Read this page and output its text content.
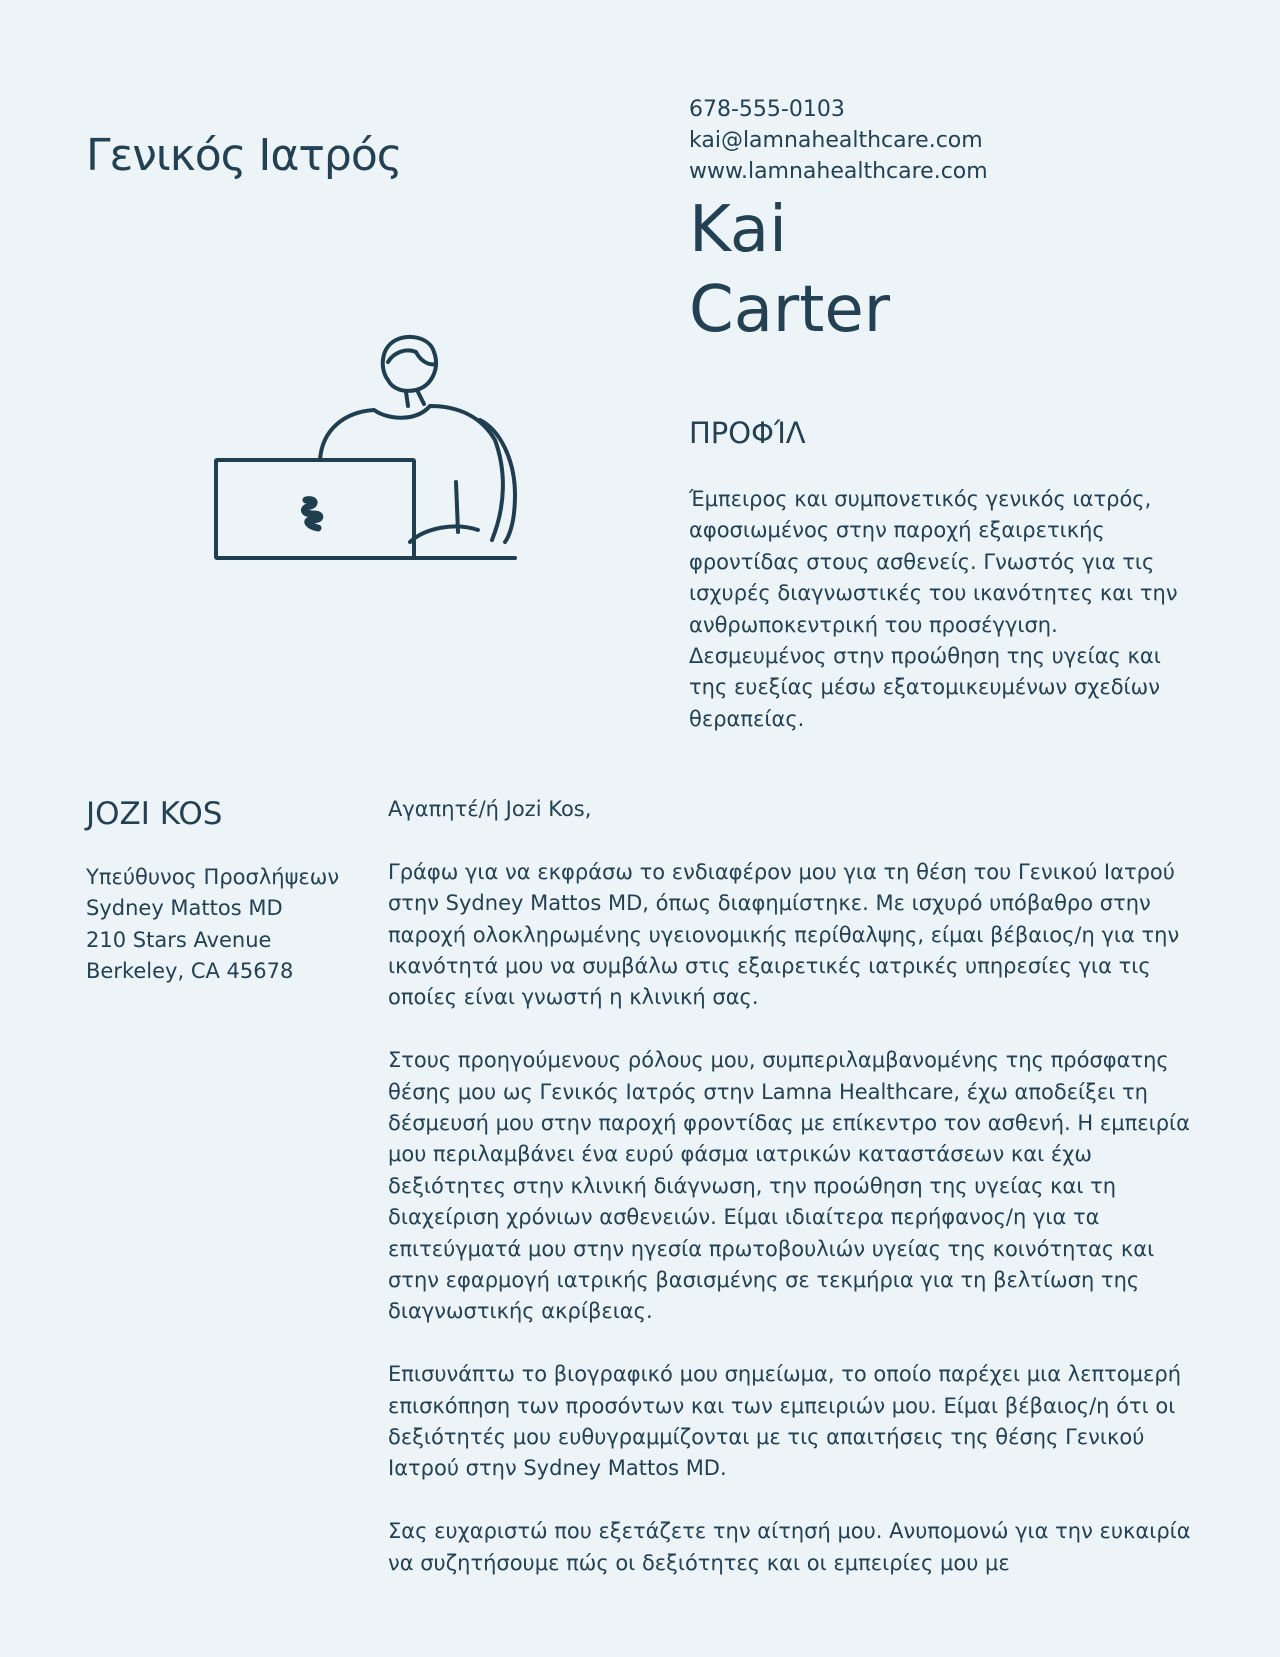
Γενικός Ιατρός
678-555-0103
kai@lamnahealthcare.com
www.lamnahealthcare.com
Kai
Carter
ΠΡΟΦΊΛ

Έμπειρος και συμπονετικός γενικός ιατρός, αφοσιωμένος στην παροχή εξαιρετικής φροντίδας στους ασθενείς. Γνωστός για τις ισχυρές διαγνωστικές του ικανότητες και την ανθρωποκεντρική του προσέγγιση. Δεσμευμένος στην προώθηση της υγείας και της ευεξίας μέσω εξατομικευμένων σχεδίων θεραπείας.

JOZI KOS
Υπεύθυνος Προσλήψεων
Sydney Mattos MD
210 Stars Avenue
Berkeley, CA 45678

Αγαπητέ/ή Jozi Kos,

Γράφω για να εκφράσω το ενδιαφέρον μου για τη θέση του Γενικού Ιατρού στην Sydney Mattos MD, όπως διαφημίστηκε. Με ισχυρό υπόβαθρο στην παροχή ολοκληρωμένης υγειονομικής περίθαλψης, είμαι βέβαιος/η για την ικανότητά μου να συμβάλω στις εξαιρετικές ιατρικές υπηρεσίες για τις οποίες είναι γνωστή η κλινική σας.

Στους προηγούμενους ρόλους μου, συμπεριλαμβανομένης της πρόσφατης θέσης μου ως Γενικός Ιατρός στην Lamna Healthcare, έχω αποδείξει τη δέσμευσή μου στην παροχή φροντίδας με επίκεντρο τον ασθενή. Η εμπειρία μου περιλαμβάνει ένα ευρύ φάσμα ιατρικών καταστάσεων και έχω δεξιότητες στην κλινική διάγνωση, την προώθηση της υγείας και τη διαχείριση χρόνιων ασθενειών. Είμαι ιδιαίτερα περήφανος/η για τα επιτεύγματά μου στην ηγεσία πρωτοβουλιών υγείας της κοινότητας και στην εφαρμογή ιατρικής βασισμένης σε τεκμήρια για τη βελτίωση της διαγνωστικής ακρίβειας.

Επισυνάπτω το βιογραφικό μου σημείωμα, το οποίο παρέχει μια λεπτομερή επισκόπηση των προσόντων και των εμπειριών μου. Είμαι βέβαιος/η ότι οι δεξιότητές μου ευθυγραμμίζονται με τις απαιτήσεις της θέσης Γενικού Ιατρού στην Sydney Mattos MD.

Σας ευχαριστώ που εξετάζετε την αίτησή μου. Ανυπομονώ για την ευκαιρία να συζητήσουμε πώς οι δεξιότητες και οι εμπειρίες μου με
